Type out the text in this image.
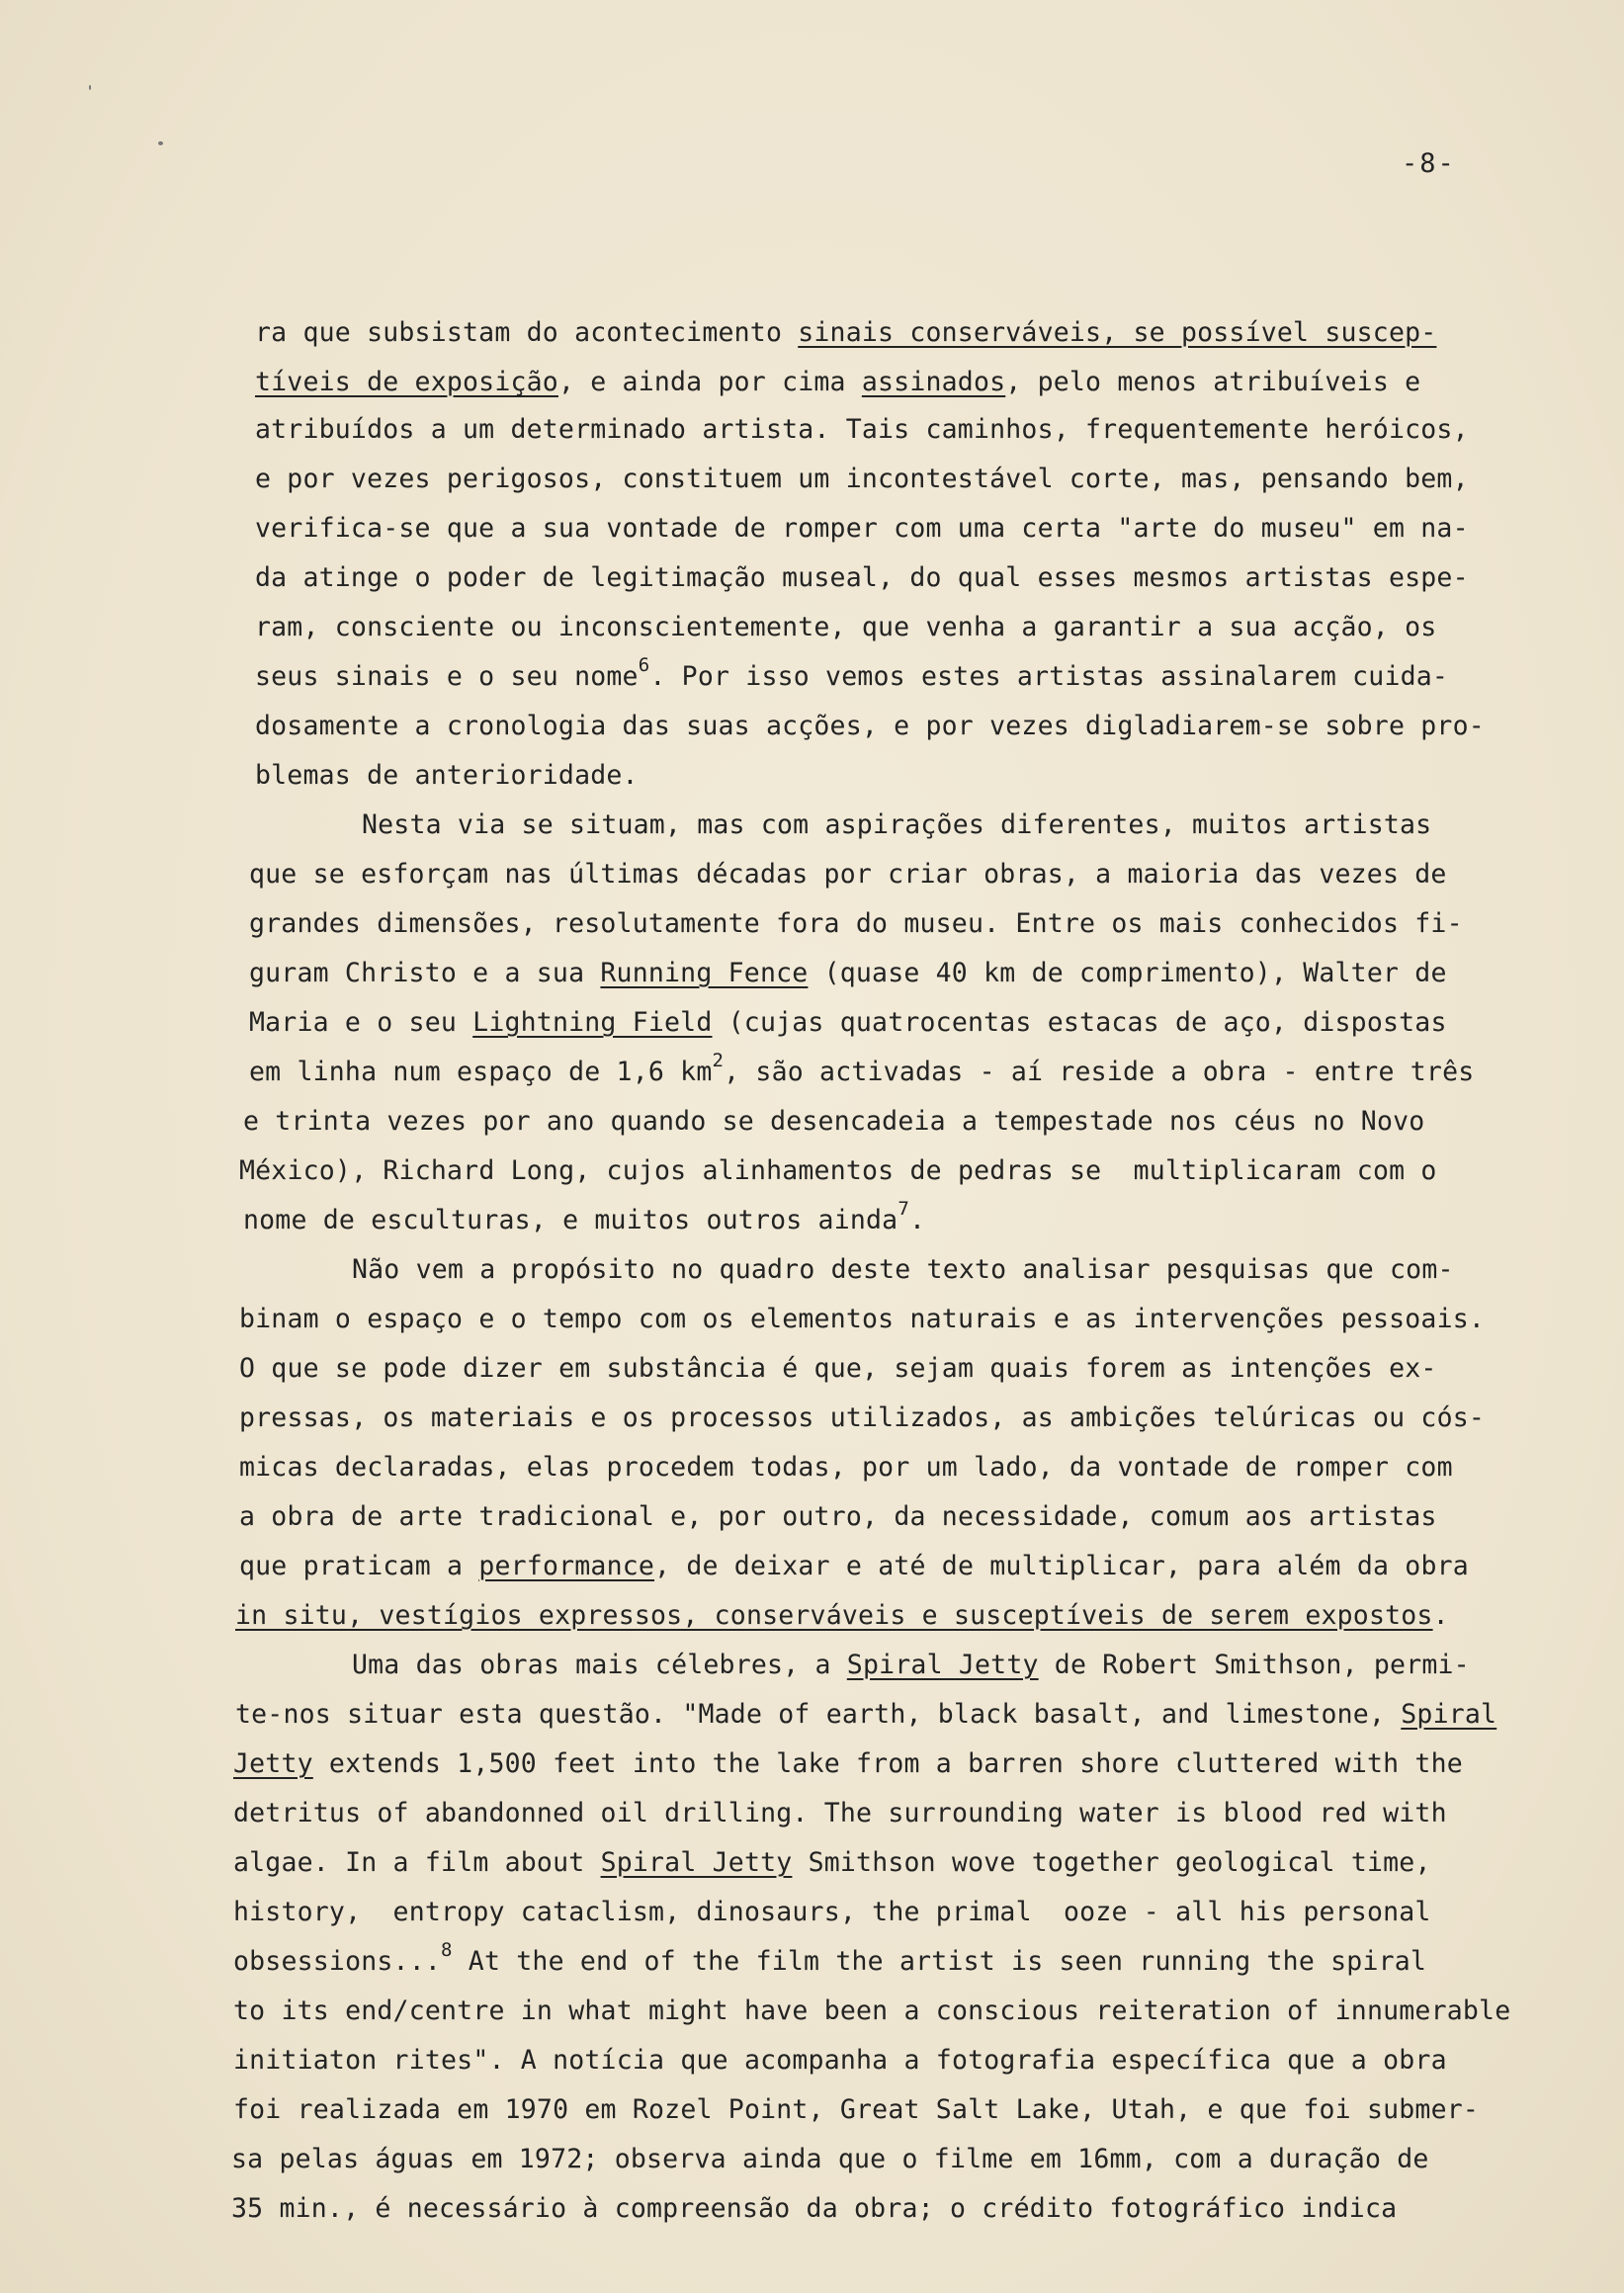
-8-

ra que subsistam do acontecimento sinais conserváveis, se possível suscep-

tíveis de exposição, e ainda por cima assinados, pelo menos atribuíveis e

atribuídos a um determinado artista. Tais caminhos, frequentemente heróicos,

e por vezes perigosos, constituem um incontestável corte, mas, pensando bem,

verifica-se que a sua vontade de romper com uma certa "arte do museu" em na-

da atinge o poder de legitimação museal, do qual esses mesmos artistas espe-

ram, consciente ou inconscientemente, que venha a garantir a sua acção, os

seus sinais e o seu nome$^6$. Por isso vemos estes artistas assinalarem cuida-

dosamente a cronologia das suas acções, e por vezes digladiarem-se sobre pro-

blemas de anterioridade.

Nesta via se situam, mas com aspirações diferentes, muitos artistas

que se esforçam nas últimas décadas por criar obras, a maioria das vezes de

grandes dimensões, resolutamente fora do museu. Entre os mais conhecidos fi-

guram Christo e a sua Running Fence (quase 40 km de comprimento), Walter de

Maria e o seu Lightning Field (cujas quatrocentas estacas de aço, dispostas

em linha num espaço de 1,6 $km^2$, são activadas - aí reside a obra - entre três

e trinta vezes por ano quando se desencadeia a tempestade nos céus no Novo

México), Richard Long, cujos alinhamentos de pedras se  multiplicaram com o

nome de esculturas, e muitos outros ainda$^7$.

Não vem a propósito no quadro deste texto analisar pesquisas que com-

binam o espaço e o tempo com os elementos naturais e as intervenções pessoais.

O que se pode dizer em substância é que, sejam quais forem as intenções ex-

pressas, os materiais e os processos utilizados, as ambições telúricas ou cós-

micas declaradas, elas procedem todas, por um lado, da vontade de romper com

a obra de arte tradicional e, por outro, da necessidade, comum aos artistas

que praticam a performance, de deixar e até de multiplicar, para além da obra

in situ, vestígios expressos, conserváveis e susceptíveis de serem expostos.

Uma das obras mais célebres, a Spiral Jetty de Robert Smithson, permi-

te-nos situar esta questão. "Made of earth, black basalt, and limestone, Spiral

Jetty extends 1,500 feet into the lake from a barren shore cluttered with the

detritus of abandonned oil drilling. The surrounding water is blood red with

algae. In a film about Spiral Jetty Smithson wove together geological time,

history,  entropy cataclism, dinosaurs, the primal  ooze - all his personal

obsessions...$^8$ At the end of the film the artist is seen running the spiral

to its end/centre in what might have been a conscious reiteration of innumerable

initiaton rites". A notícia que acompanha a fotografia específica que a obra

foi realizada em 1970 em Rozel Point, Great Salt Lake, Utah, e que foi submer-

sa pelas águas em 1972; observa ainda que o filme em 16mm, com a duração de

35 min., é necessário à compreensão da obra; o crédito fotográfico indica
